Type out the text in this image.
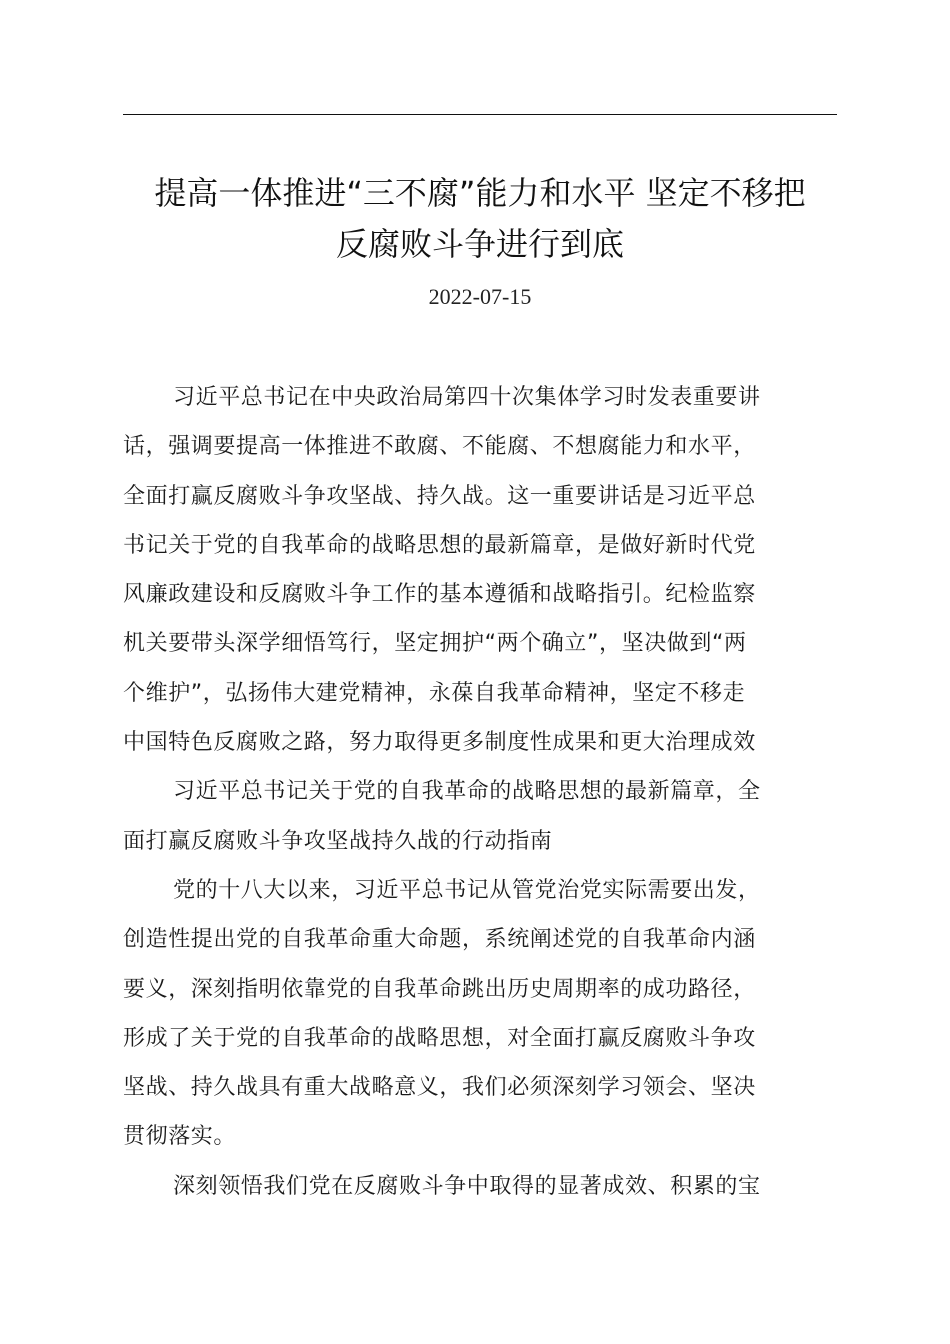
提高一体推进“三不腐”能力和水平 坚定不移把
反腐败斗争进行到底
2022-07-15
习近平总书记在中央政治局第四十次集体学习时发表重要讲
话，强调要提高一体推进不敢腐、不能腐、不想腐能力和水平，
全面打赢反腐败斗争攻坚战、持久战。这一重要讲话是习近平总
书记关于党的自我革命的战略思想的最新篇章，是做好新时代党
风廉政建设和反腐败斗争工作的基本遵循和战略指引。纪检监察
机关要带头深学细悟笃行，坚定拥护“两个确立”，坚决做到“两
个维护”，弘扬伟大建党精神，永葆自我革命精神，坚定不移走
中国特色反腐败之路，努力取得更多制度性成果和更大治理成效
习近平总书记关于党的自我革命的战略思想的最新篇章，全
面打赢反腐败斗争攻坚战持久战的行动指南
党的十八大以来，习近平总书记从管党治党实际需要出发，
创造性提出党的自我革命重大命题，系统阐述党的自我革命内涵
要义，深刻指明依靠党的自我革命跳出历史周期率的成功路径，
形成了关于党的自我革命的战略思想，对全面打赢反腐败斗争攻
坚战、持久战具有重大战略意义，我们必须深刻学习领会、坚决
贯彻落实。
深刻领悟我们党在反腐败斗争中取得的显著成效、积累的宝
